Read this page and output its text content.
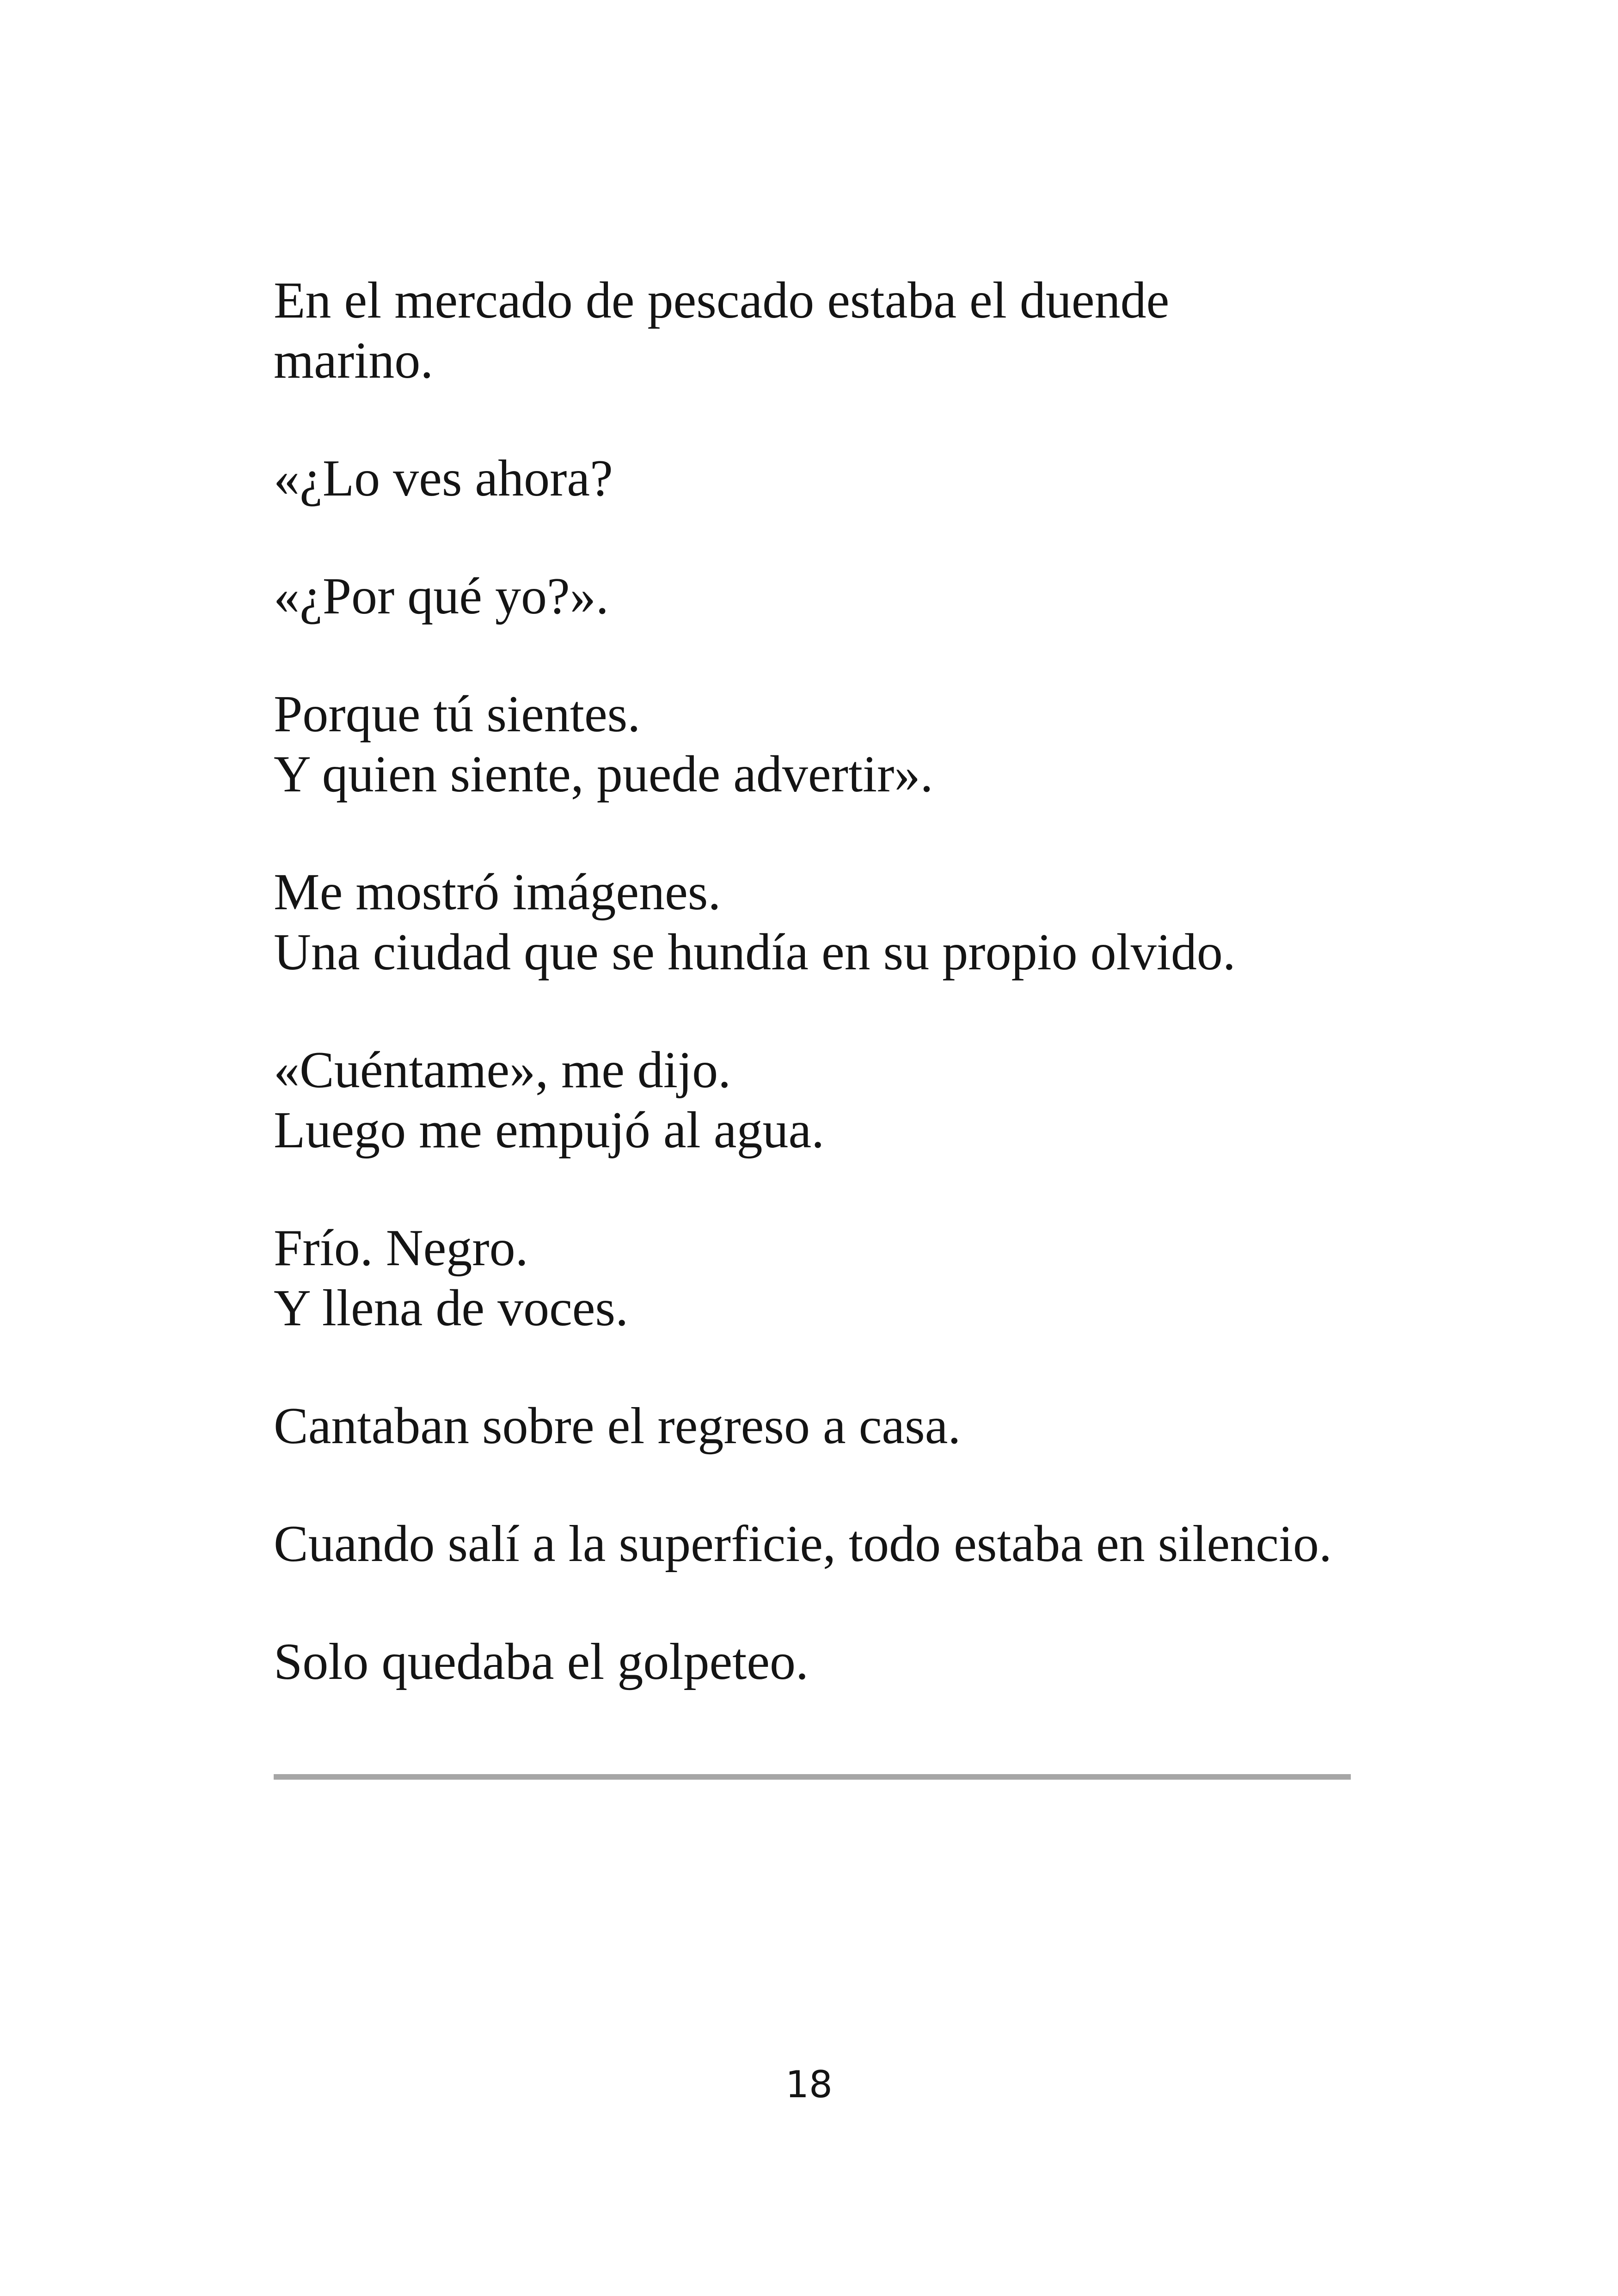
En el mercado de pescado estaba el duende
marino.

«¿Lo ves ahora?

«¿Por qué yo?».

Porque tú sientes.
Y quien siente, puede advertir».

Me mostró imágenes.
Una ciudad que se hundía en su propio olvido.

«Cuéntame», me dijo.
Luego me empujó al agua.

Frío. Negro.
Y llena de voces.

Cantaban sobre el regreso a casa.

Cuando salí a la superficie, todo estaba en silencio.

Solo quedaba el golpeteo.

18
